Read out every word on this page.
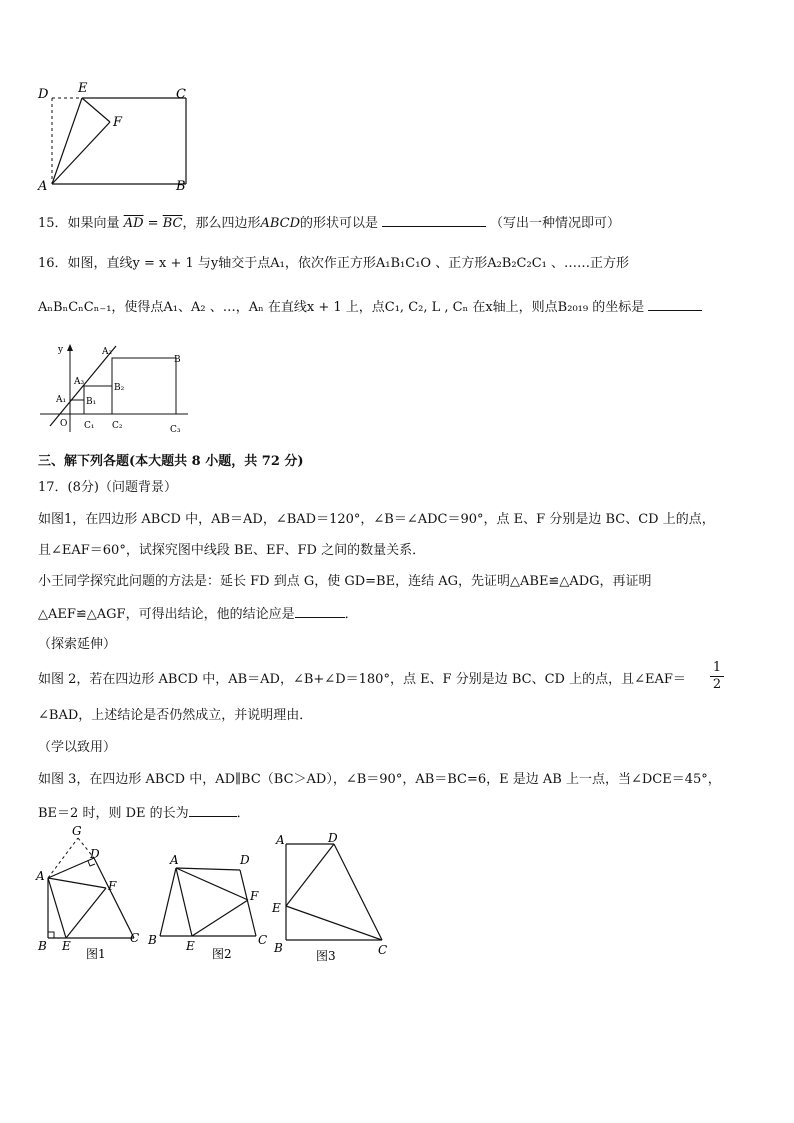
D E	C
F
A	B
15．如果向量 $\overline{AD} = \overline{BC}$，那么四边形ABCD的形状可以是	（写出一种情况即可）
16．如图，直线y = x + 1 与y轴交于点A₁，依次作正方形A₁B₁C₁O 、正方形A₂B₂C₂C₁ 、……正方形
AₙBₙCₙCₙ₋₁，使得点A₁、A₂ 、…，Aₙ 在直线x + 1 上，点C₁, C₂, L , Cₙ 在x轴上，则点B₂₀₁₉ 的坐标是
y	A₂
B
A₃
B₂
A₁ B₁
O C₁ C₂	C₃
三、解下列各题(本大题共 8 小题，共 72 分)
17．(8分)（问题背景）
如图1，在四边形 ABCD 中，AB＝AD，∠BAD＝120°，∠B＝∠ADC＝90°，点 E、F 分别是边 BC、CD 上的点，
且∠EAF＝60°，试探究图中线段 BE、EF、FD 之间的数量关系．
小王同学探究此问题的方法是：延长 FD 到点 G，使 GD=BE，连结 AG，先证明△ABE≌△ADG，再证明
△AEF≌△AGF，可得出结论，他的结论应是	．
（探索延伸）
如图 2，若在四边形 ABCD 中，AB＝AD，∠B+∠D＝180°，点 E、F 分别是边 BC、CD 上的点，且∠EAF＝
1
2
∠BAD，上述结论是否仍然成立，并说明理由．
（学以致用）
如图 3，在四边形 ABCD 中，AD∥BC（BC＞AD），∠B＝90°，AB＝BC=6，E 是边 AB 上一点，当∠DCE＝45°，
BE＝2 时，则 DE 的长为	．
G
D
A
F
B E
C
图1
A	D
F
B E	C
图2
A	D
E
B	C
图3
